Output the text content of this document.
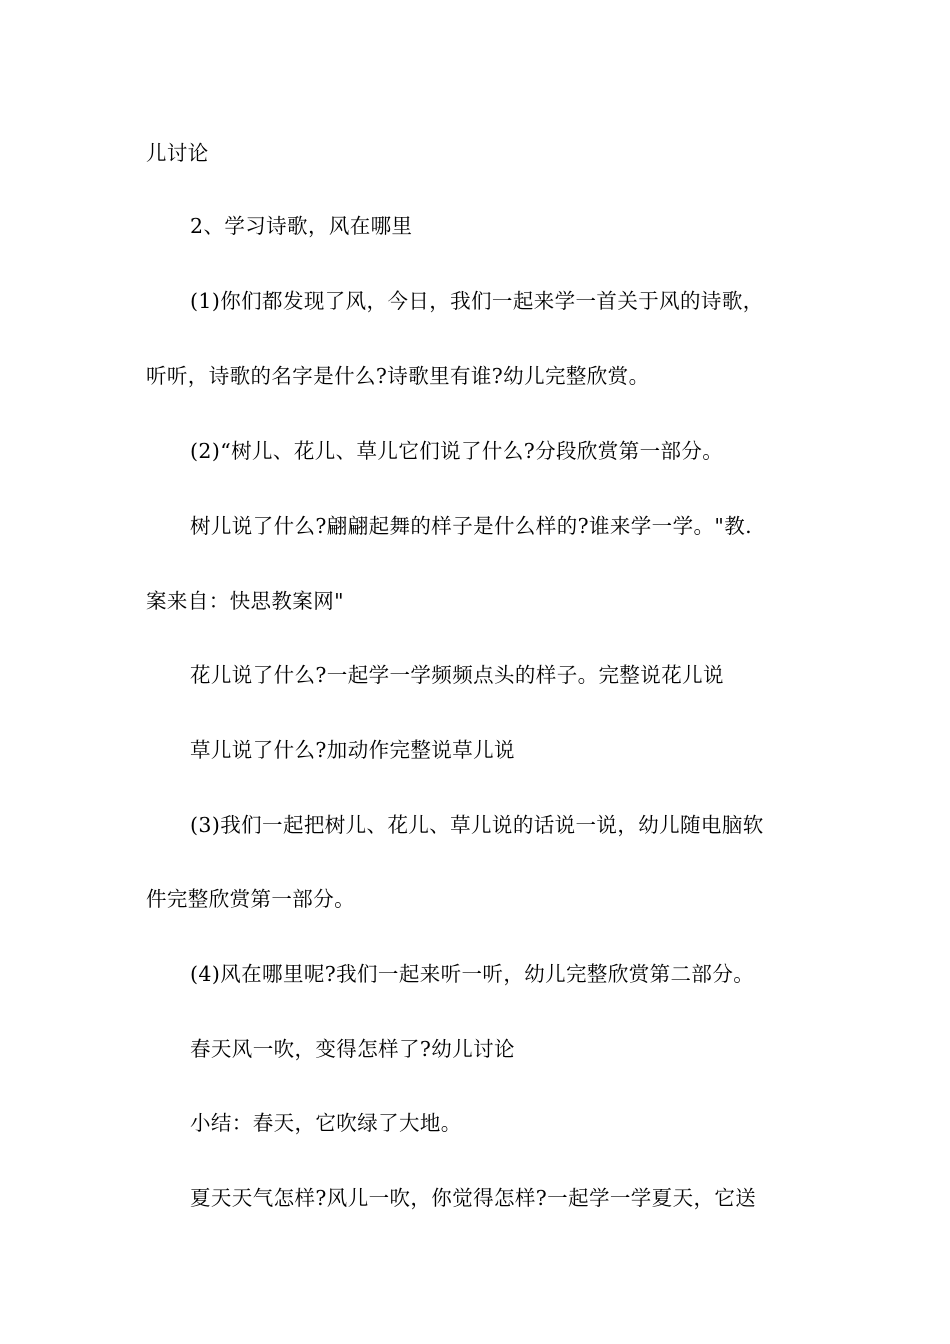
儿讨论
2、学习诗歌，风在哪里
(1)你们都发现了风，今日，我们一起来学一首关于风的诗歌，
听听，诗歌的名字是什么?诗歌里有谁?幼儿完整欣赏。
(2)“树儿、花儿、草儿它们说了什么?分段欣赏第一部分。
树儿说了什么?翩翩起舞的样子是什么样的?谁来学一学。"教.
案来自：快思教案网"
花儿说了什么?一起学一学频频点头的样子。完整说花儿说
草儿说了什么?加动作完整说草儿说
(3)我们一起把树儿、花儿、草儿说的话说一说，幼儿随电脑软
件完整欣赏第一部分。
(4)风在哪里呢?我们一起来听一听，幼儿完整欣赏第二部分。
春天风一吹，变得怎样了?幼儿讨论
小结：春天，它吹绿了大地。
夏天天气怎样?风儿一吹，你觉得怎样?一起学一学夏天，它送
